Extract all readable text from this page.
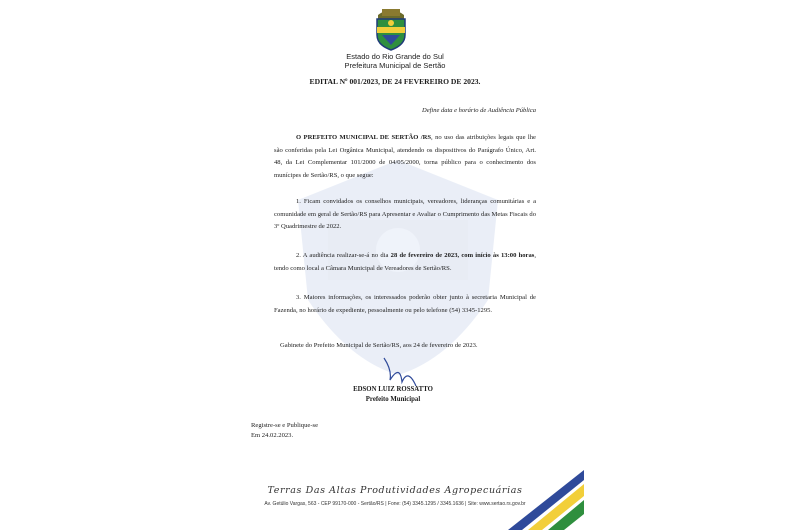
Estado do Rio Grande do Sul
Prefeitura Municipal de Sertão
EDITAL Nº 001/2023, DE 24 FEVEREIRO DE 2023.
Define data e horário de Audiência Pública
O PREFEITO MUNICIPAL DE SERTÃO /RS, no uso das atribuições legais que lhe são conferidas pela Lei Orgânica Municipal, atendendo os dispositivos do Parágrafo Único, Art. 48, da Lei Complementar 101/2000 de 04/05/2000, torna público para o conhecimento dos munícipes de Sertão/RS, o que segue:
1. Ficam convidados os conselhos municipais, vereadores, lideranças comunitárias e a comunidade em geral de Sertão/RS para Apresentar e Avaliar o Cumprimento das Metas Fiscais do 3º Quadrimestre de 2022.
2. A audiência realizar-se-á no dia 28 de fevereiro de 2023, com início às 13:00 horas, tendo como local a Câmara Municipal de Vereadores de Sertão/RS.
3. Maiores informações, os interessados poderão obter junto à secretaria Municipal de Fazenda, no horário de expediente, pessoalmente ou pelo telefone (54) 3345-1295.
Gabinete do Prefeito Municipal de Sertão/RS, aos 24 de fevereiro de 2023.
EDSON LUIZ ROSSATTO
Prefeito Municipal
Registre-se e Publique-se
Em 24.02.2023.
Terras Das Altas Produtividades Agropecuárias
Av. Getúlio Vargas, 563 - CEP 99170-000 - Sertão/RS | Fone: (54) 3345.1295 / 3345.1636 | Site: www.sertao.rs.gov.br
